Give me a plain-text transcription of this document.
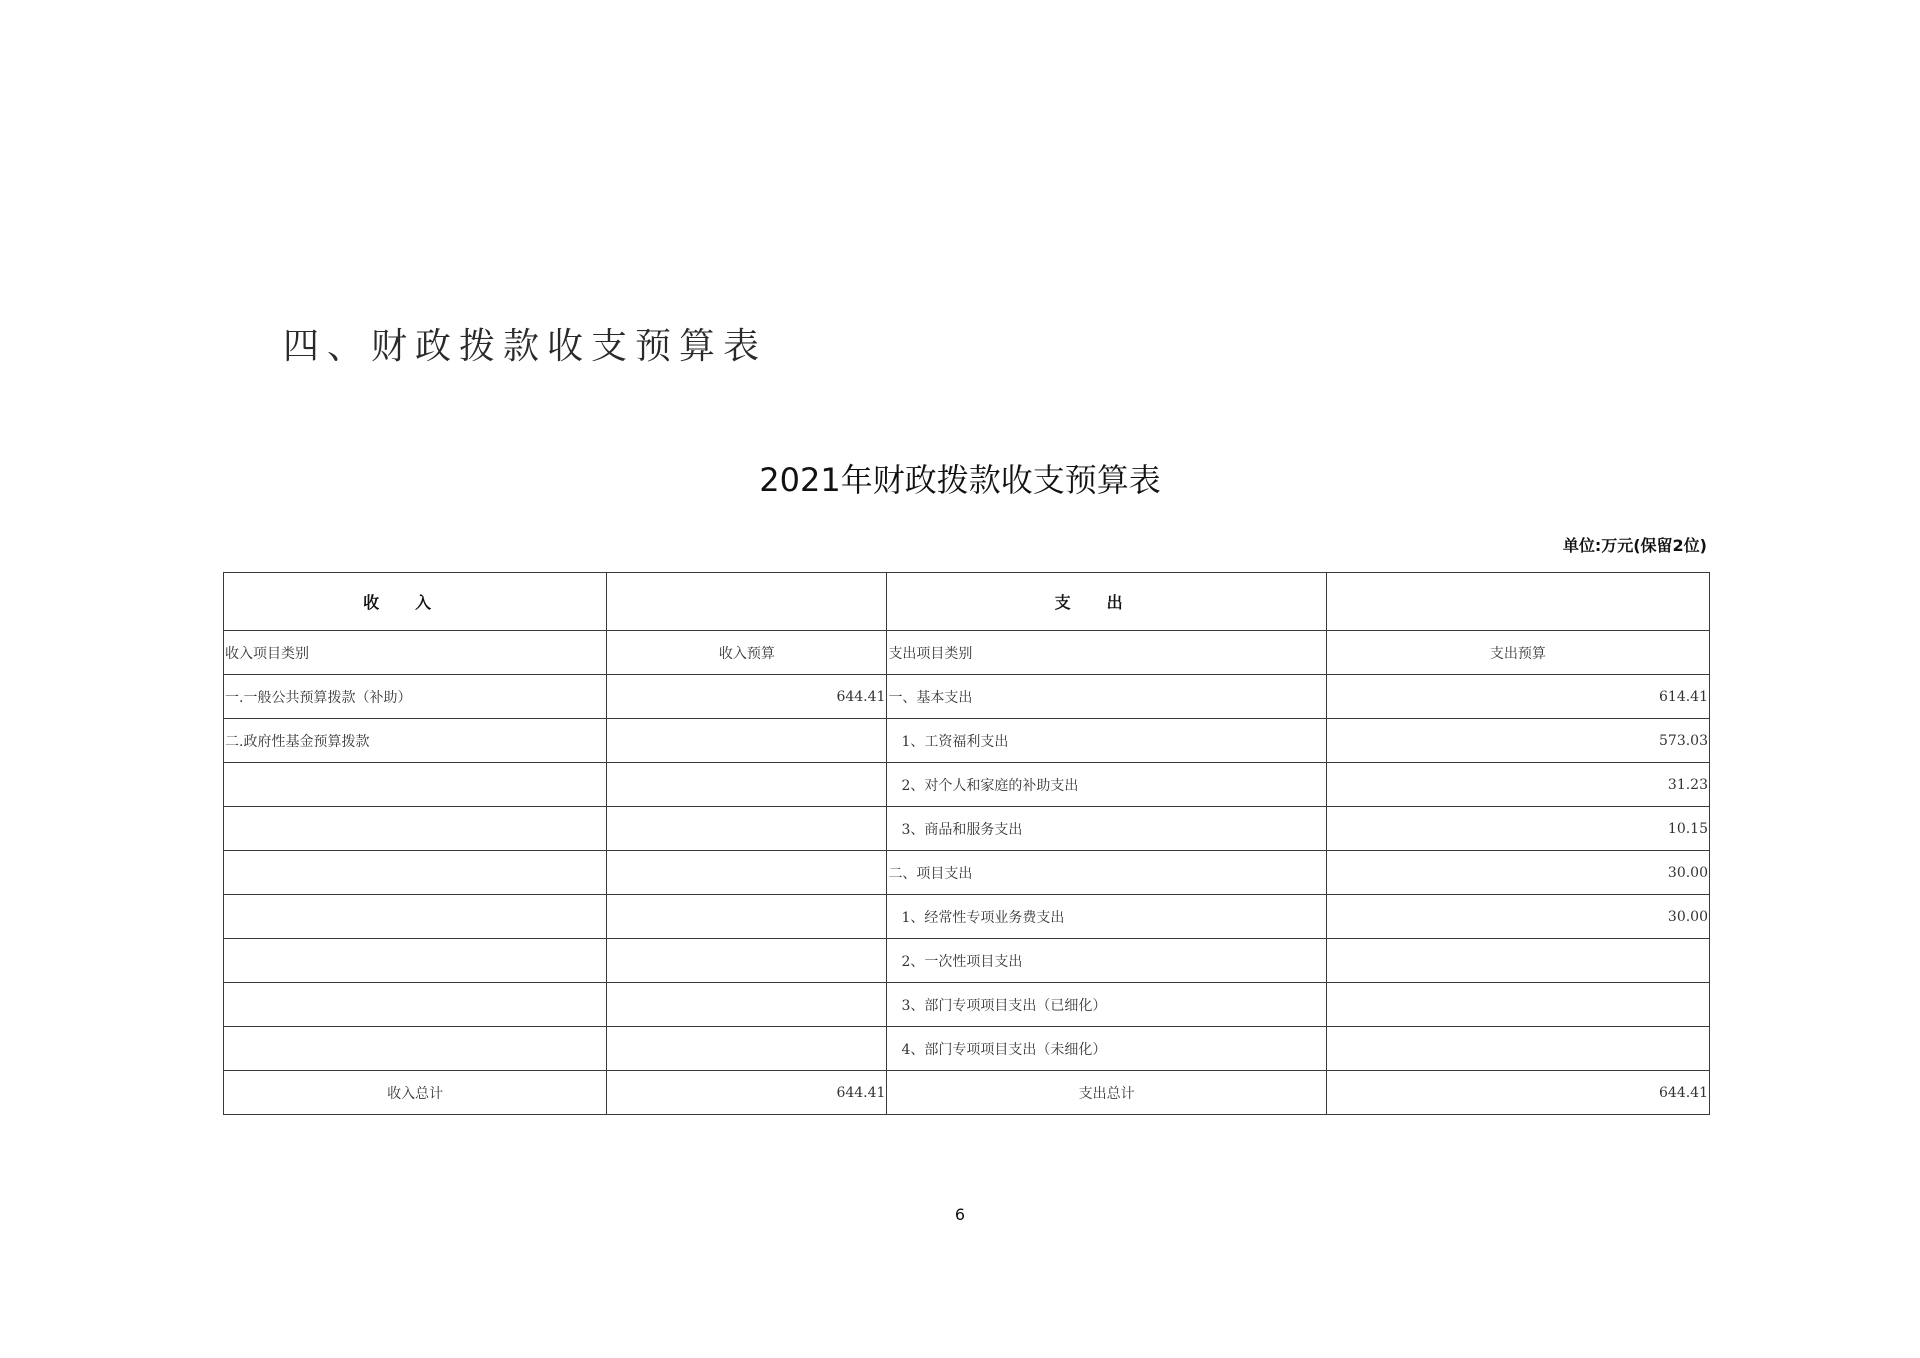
四、财政拨款收支预算表
2021年财政拨款收支预算表
单位:万元(保留2位)
收入		支出	
收入项目类别	收入预算	支出项目类别	支出预算
一.一般公共预算拨款（补助）	644.41	一、基本支出	614.41
二.政府性基金预算拨款		1、工资福利支出	573.03
		2、对个人和家庭的补助支出	31.23
		3、商品和服务支出	10.15
		二、项目支出	30.00
		1、经常性专项业务费支出	30.00
		2、一次性项目支出	
		3、部门专项项目支出（已细化）	
		4、部门专项项目支出（未细化）	
收入总计	644.41	支出总计	644.41
6
